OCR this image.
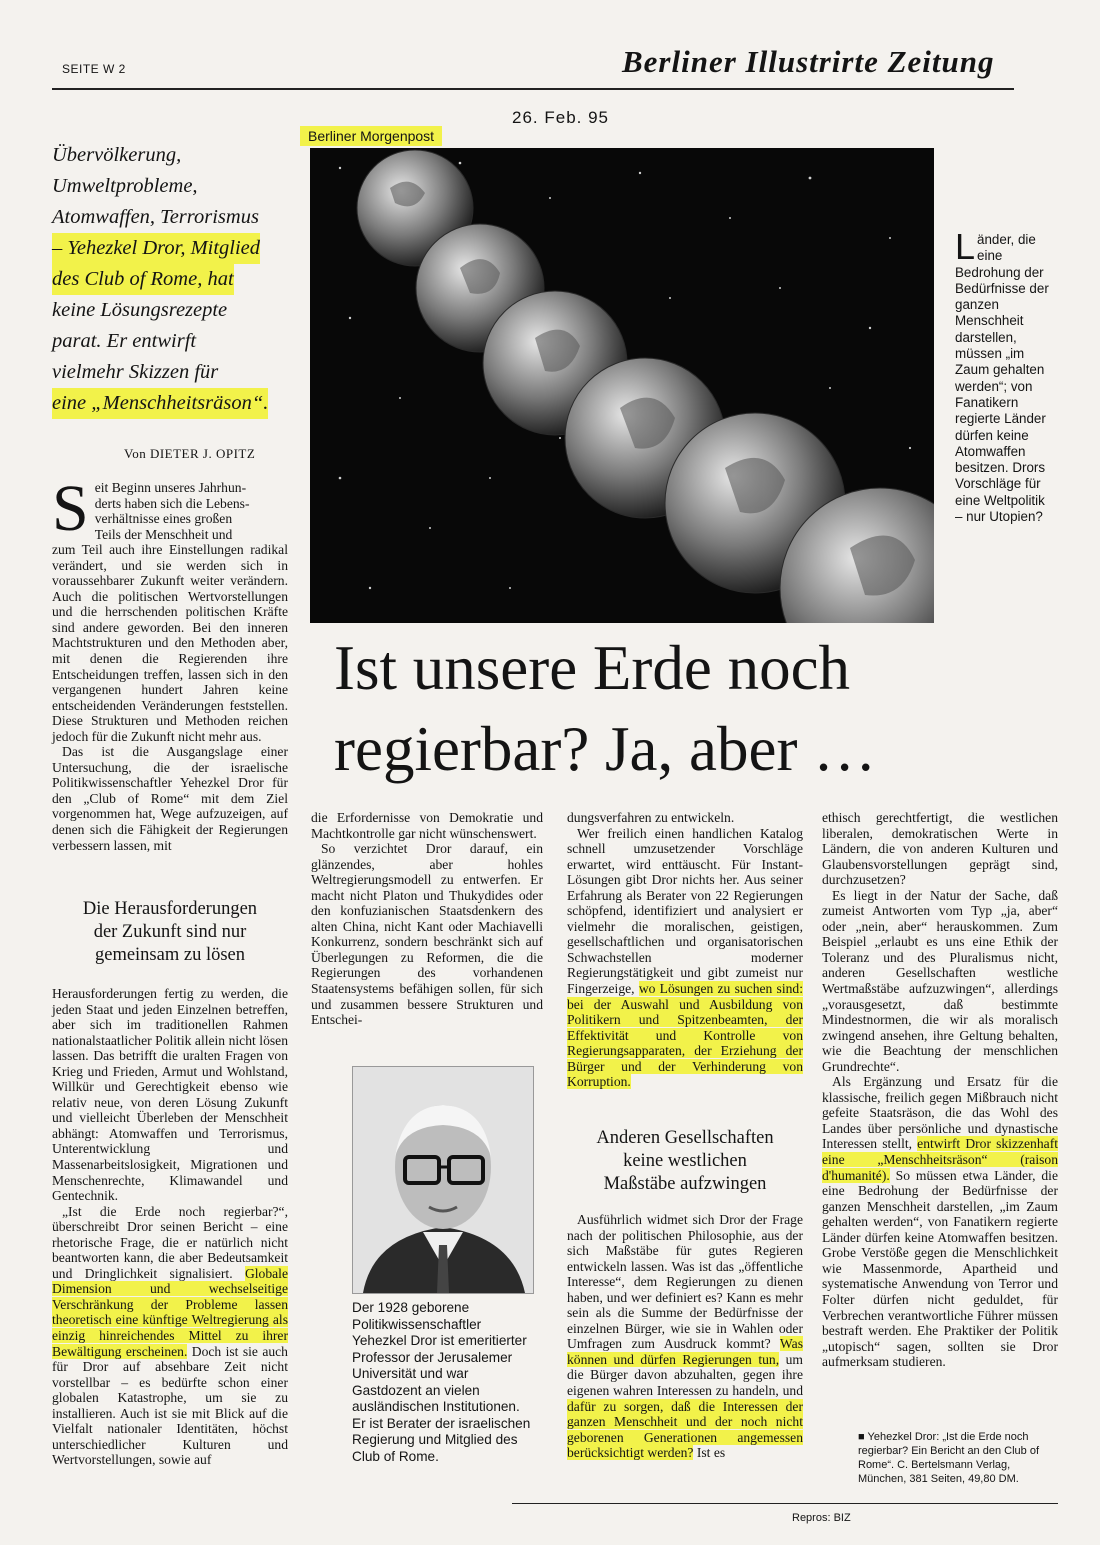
SEITE W 2	Berliner Illustrirte Zeitung
26. Feb. 95
Berliner Morgenpost
Übervölkerung,
Umweltprobleme,
Atomwaffen, Terrorismus
– Yehezkel Dror, Mitglied des Club of Rome, hat
keine Lösungsrezepte
parat. Er entwirft
vielmehr Skizzen für
eine „Menschheitsräson“.
Von DIETER J. OPITZ
L änder, die
eine
Bedrohung der
Bedürfnisse der
ganzen
Menschheit
darstellen,
müssen „im
Zaum gehalten
werden“; von
Fanatikern
regierte Länder
dürfen keine
Atomwaffen
besitzen. Drors
Vorschläge für
eine Weltpolitik
– nur Utopien?
Ist unsere Erde noch
regierbar? Ja, aber …
S eit Beginn unseres Jahrhun-
derts haben sich die Lebens-
verhältnisse eines großen
Teils der Menschheit und

zum Teil auch ihre Einstellungen radikal verändert, und sie werden sich in voraussehbarer Zukunft weiter verändern. Auch die politischen Wertvorstellungen und die herrschenden politischen Kräfte sind andere geworden. Bei den inneren Machtstrukturen und den Methoden aber, mit denen die Regierenden ihre Entscheidungen treffen, lassen sich in den vergangenen hundert Jahren keine entscheidenden Veränderungen feststellen. Diese Strukturen und Methoden reichen jedoch für die Zukunft nicht mehr aus.

Das ist die Ausgangslage einer Untersuchung, die der israelische Politikwissenschaftler Yehezkel Dror für den „Club of Rome“ mit dem Ziel vorgenommen hat, Wege aufzuzeigen, auf denen sich die Fähigkeit der Regierungen verbessern lassen, mit

Die Herausforderungen
der Zukunft sind nur
gemeinsam zu lösen

Herausforderungen fertig zu werden, die jeden Staat und jeden Einzelnen betreffen, aber sich im traditionellen Rahmen nationalstaatlicher Politik allein nicht lösen lassen. Das betrifft die uralten Fragen von Krieg und Frieden, Armut und Wohlstand, Willkür und Gerechtigkeit ebenso wie relativ neue, von deren Lösung Zukunft und vielleicht Überleben der Menschheit abhängt: Atomwaffen und Terrorismus, Unterentwicklung und Massenarbeitslosigkeit, Migrationen und Menschenrechte, Klimawandel und Gentechnik.

„Ist die Erde noch regierbar?“, überschreibt Dror seinen Bericht – eine rhetorische Frage, die er natürlich nicht beantworten kann, die aber Bedeutsamkeit und Dringlichkeit signalisiert. Globale Dimension und wechselseitige Verschränkung der Probleme lassen theoretisch eine künftige Weltregierung als einzig hinreichendes Mittel zu ihrer Bewältigung erscheinen. Doch ist sie auch für Dror auf absehbare Zeit nicht vorstellbar – es bedürfte schon einer globalen Katastrophe, um sie zu installieren. Auch ist sie mit Blick auf die Vielfalt nationaler Identitäten, höchst unterschiedlicher Kulturen und Wertvorstellungen, sowie auf

die Erfordernisse von Demokratie und Machtkontrolle gar nicht wünschenswert.

So verzichtet Dror darauf, ein glänzendes, aber hohles Weltregierungsmodell zu entwerfen. Er macht nicht Platon und Thukydides oder den konfuzianischen Staatsdenkern des alten China, nicht Kant oder Machiavelli Konkurrenz, sondern beschränkt sich auf Überlegungen zu Reformen, die die Regierungen des vorhandenen Staatensystems befähigen sollen, für sich und zusammen bessere Strukturen und Entschei-

Der 1928 geborene Politikwissenschaftler Yehezkel Dror ist emeritierter Professor der Jerusalemer Universität und war Gastdozent an vielen ausländischen Institutionen. Er ist Berater der israelischen Regierung und Mitglied des Club of Rome.

dungsverfahren zu entwickeln.

Wer freilich einen handlichen Katalog schnell umzusetzender Vorschläge erwartet, wird enttäuscht. Für Instant-Lösungen gibt Dror nichts her. Aus seiner Erfahrung als Berater von 22 Regierungen schöpfend, identifiziert und analysiert er vielmehr die moralischen, geistigen, gesellschaftlichen und organisatorischen Schwachstellen moderner Regierungstätigkeit und gibt zumeist nur Fingerzeige, wo Lösungen zu suchen sind: bei der Auswahl und Ausbildung von Politikern und Spitzenbeamten, der Effektivität und Kontrolle von Regierungsapparaten, der Erziehung der Bürger und der Verhinderung von Korruption.

Anderen Gesellschaften
keine westlichen
Maßstäbe aufzwingen

Ausführlich widmet sich Dror der Frage nach der politischen Philosophie, aus der sich Maßstäbe für gutes Regieren entwickeln lassen. Was ist das „öffentliche Interesse“, dem Regierungen zu dienen haben, und wer definiert es? Kann es mehr sein als die Summe der Bedürfnisse der einzelnen Bürger, wie sie in Wahlen oder Umfragen zum Ausdruck kommt? Was können und dürfen Regierungen tun, um die Bürger davon abzuhalten, gegen ihre eigenen wahren Interessen zu handeln, und dafür zu sorgen, daß die Interessen der ganzen Menschheit und der noch nicht geborenen Generationen angemessen berücksichtigt werden? Ist es

ethisch gerechtfertigt, die westlichen liberalen, demokratischen Werte in Ländern, die von anderen Kulturen und Glaubensvorstellungen geprägt sind, durchzusetzen?

Es liegt in der Natur der Sache, daß zumeist Antworten vom Typ „ja, aber“ oder „nein, aber“ herauskommen. Zum Beispiel „erlaubt es uns eine Ethik der Toleranz und des Pluralismus nicht, anderen Gesellschaften westliche Wertmaßstäbe aufzuzwingen“, allerdings „vorausgesetzt, daß bestimmte Mindestnormen, die wir als moralisch zwingend ansehen, ihre Geltung behalten, wie die Beachtung der menschlichen Grundrechte“.

Als Ergänzung und Ersatz für die klassische, freilich gegen Mißbrauch nicht gefeite Staatsräson, die das Wohl des Landes über persönliche und dynastische Interessen stellt, entwirft Dror skizzenhaft eine „Menschheitsräson“ (raison d'humanité). So müssen etwa Länder, die eine Bedrohung der Bedürfnisse der ganzen Menschheit darstellen, „im Zaum gehalten werden“, von Fanatikern regierte Länder dürfen keine Atomwaffen besitzen. Grobe Verstöße gegen die Menschlichkeit wie Massenmorde, Apartheid und systematische Anwendung von Terror und Folter dürfen nicht geduldet, für Verbrechen verantwortliche Führer müssen bestraft werden. Ehe Praktiker der Politik „utopisch“ sagen, sollten sie Dror aufmerksam studieren.

■ Yehezkel Dror: „Ist die Erde noch regierbar? Ein Bericht an den Club of Rome“. C. Bertelsmann Verlag, München, 381 Seiten, 49,80 DM.
Repros: BIZ
